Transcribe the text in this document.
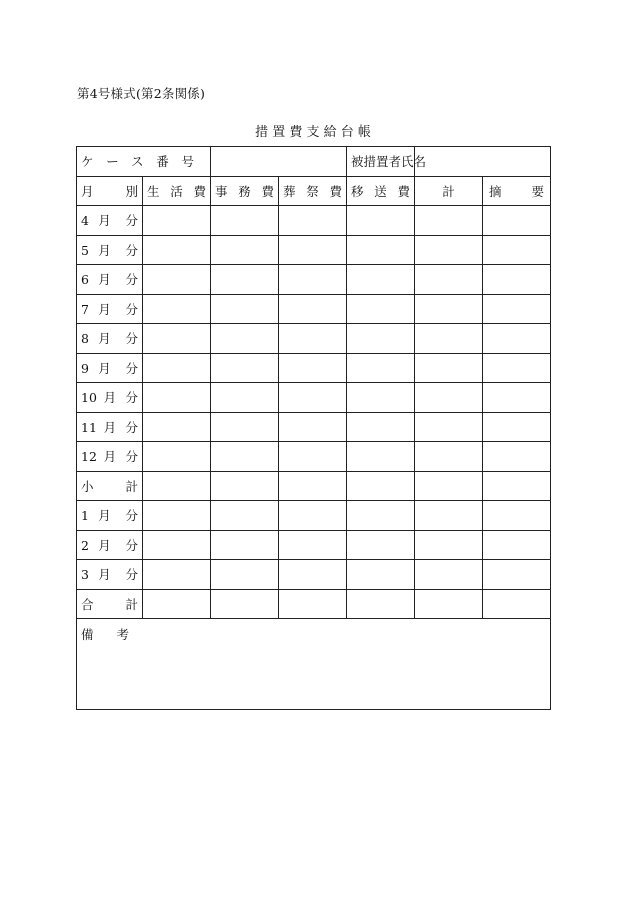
第4号様式(第2条関係)
措 置 費 支 給 台 帳
ケース番号				被措置者氏名		
月別	生活費	事務費	葬祭費	移送費	計	摘要
4 月 分						
5 月 分						
6 月 分						
7 月 分						
8 月 分						
9 月 分						
10 月 分						
11 月 分						
12 月 分						
小 計						
1 月 分						
2 月 分						
3 月 分						
合 計						
備考						
